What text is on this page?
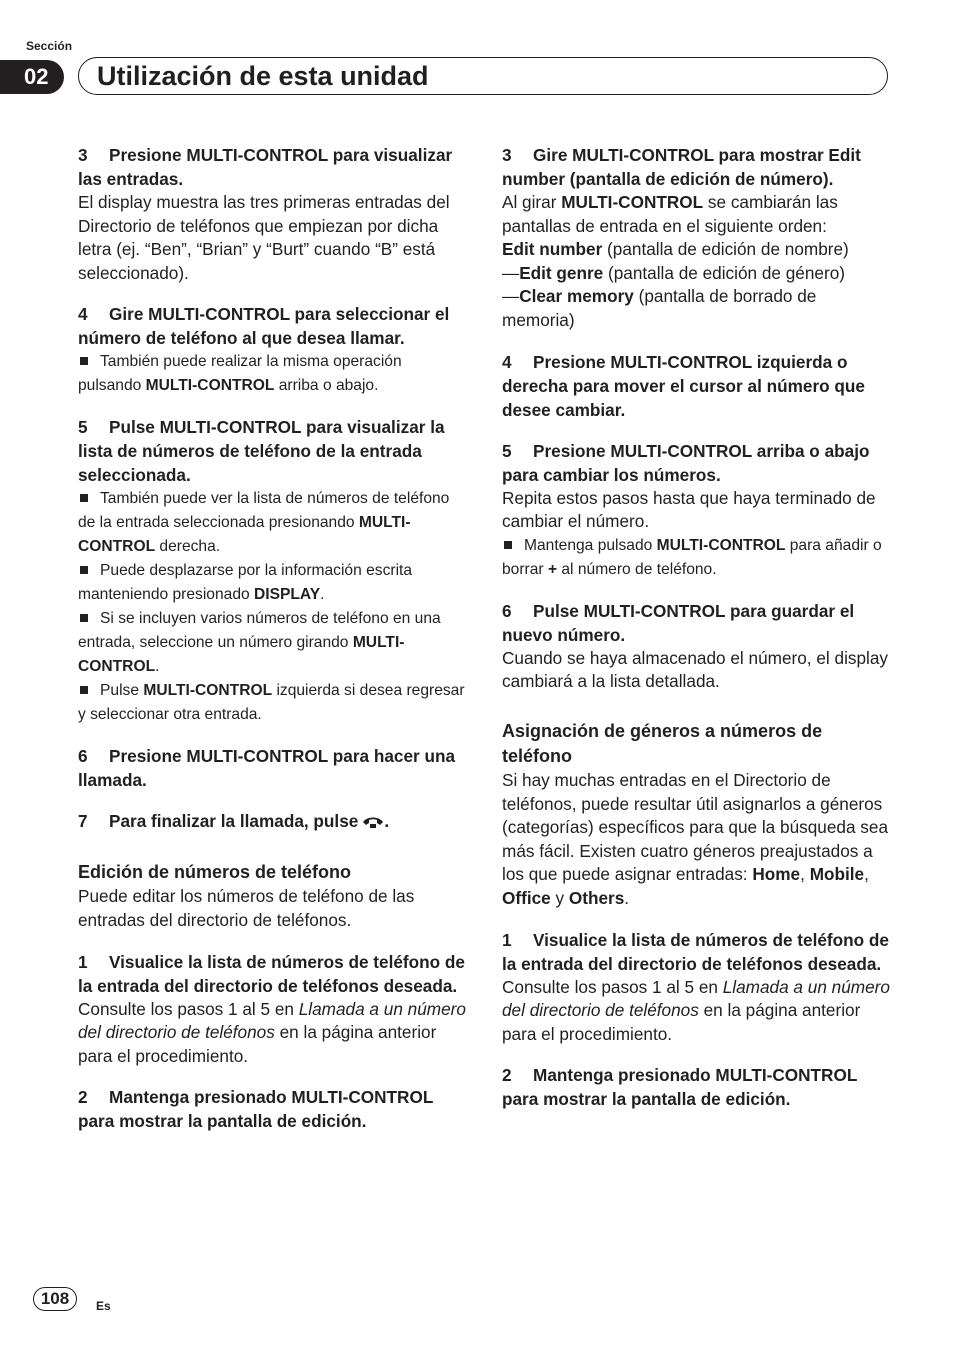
Sección
02	Utilización de esta unidad

3 Presione MULTI-CONTROL para visualizar las entradas.

El display muestra las tres primeras entradas del Directorio de teléfonos que empiezan por dicha letra (ej. “Ben”, “Brian” y “Burt” cuando “B” está seleccionado).

4 Gire MULTI-CONTROL para seleccionar el número de teléfono al que desea llamar.

También puede realizar la misma operación pulsando MULTI-CONTROL arriba o abajo.

5 Pulse MULTI-CONTROL para visualizar la lista de números de teléfono de la entrada seleccionada.

También puede ver la lista de números de teléfono de la entrada seleccionada presionando MULTI-CONTROL derecha.

Puede desplazarse por la información escrita manteniendo presionado DISPLAY.

Si se incluyen varios números de teléfono en una entrada, seleccione un número girando MULTI-CONTROL.

Pulse MULTI-CONTROL izquierda si desea regresar y seleccionar otra entrada.

6 Presione MULTI-CONTROL para hacer una llamada.

7 Para finalizar la llamada, pulse .

Edición de números de teléfono

Puede editar los números de teléfono de las entradas del directorio de teléfonos.

1 Visualice la lista de números de teléfono de la entrada del directorio de teléfonos deseada.

Consulte los pasos 1 al 5 en Llamada a un número del directorio de teléfonos en la página anterior para el procedimiento.

2 Mantenga presionado MULTI-CONTROL para mostrar la pantalla de edición.

3 Gire MULTI-CONTROL para mostrar Edit number (pantalla de edición de número).

Al girar MULTI-CONTROL se cambiarán las pantallas de entrada en el siguiente orden:

Edit number (pantalla de edición de nombre)

—Edit genre (pantalla de edición de género)

—Clear memory (pantalla de borrado de memoria)

4 Presione MULTI-CONTROL izquierda o derecha para mover el cursor al número que desee cambiar.

5 Presione MULTI-CONTROL arriba o abajo para cambiar los números.

Repita estos pasos hasta que haya terminado de cambiar el número.

Mantenga pulsado MULTI-CONTROL para añadir o borrar + al número de teléfono.

6 Pulse MULTI-CONTROL para guardar el nuevo número.

Cuando se haya almacenado el número, el display cambiará a la lista detallada.

Asignación de géneros a números de teléfono

Si hay muchas entradas en el Directorio de teléfonos, puede resultar útil asignarlos a géneros (categorías) específicos para que la búsqueda sea más fácil. Existen cuatro géneros preajustados a los que puede asignar entradas: Home, Mobile, Office y Others.

1 Visualice la lista de números de teléfono de la entrada del directorio de teléfonos deseada.

Consulte los pasos 1 al 5 en Llamada a un número del directorio de teléfonos en la página anterior para el procedimiento.

2 Mantenga presionado MULTI-CONTROL para mostrar la pantalla de edición.

108	Es
